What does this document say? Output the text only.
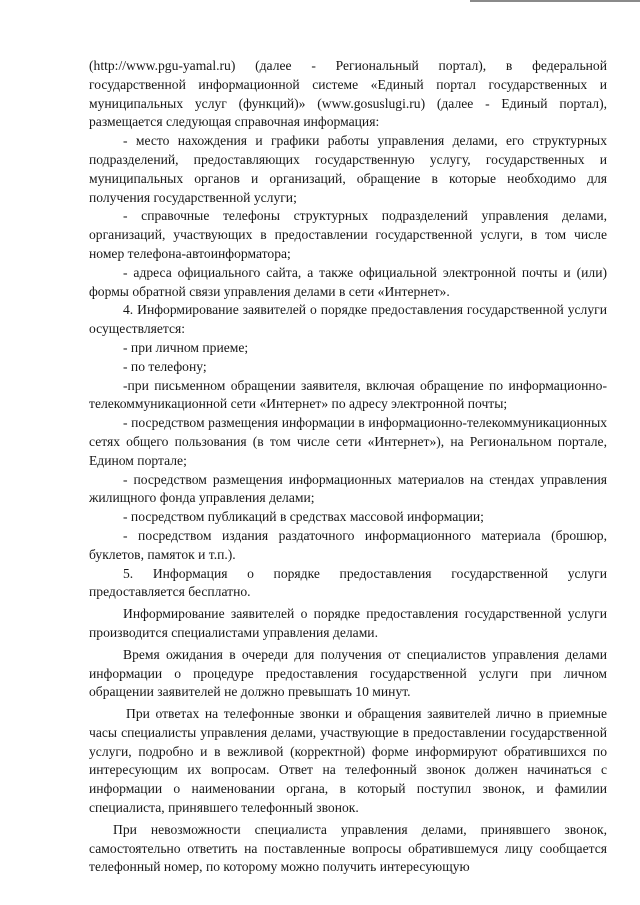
(http://www.pgu-yamal.ru) (далее - Региональный портал), в федеральной государственной информационной системе «Единый портал государственных и муниципальных услуг (функций)» (www.gosuslugi.ru) (далее - Единый портал), размещается следующая справочная информация:

- место нахождения и графики работы управления делами, его структурных подразделений, предоставляющих государственную услугу, государственных и муниципальных органов и организаций, обращение в которые необходимо для получения государственной услуги;

- справочные телефоны структурных подразделений управления делами, организаций, участвующих в предоставлении государственной услуги, в том числе номер телефона-автоинформатора;

- адреса официального сайта, а также официальной электронной почты и (или) формы обратной связи управления делами в сети «Интернет».

4. Информирование заявителей о порядке предоставления государственной услуги осуществляется:

- при личном приеме;

- по телефону;

-при письменном обращении заявителя, включая обращение по информационно-телекоммуникационной сети «Интернет» по адресу электронной почты;

- посредством размещения информации в информационно-телекоммуникационных сетях общего пользования (в том числе сети «Интернет»), на Региональном портале, Едином портале;

- посредством размещения информационных материалов на стендах управления жилищного фонда управления делами;

- посредством публикаций в средствах массовой информации;

- посредством издания раздаточного информационного материала (брошюр, буклетов, памяток и т.п.).

5. Информация о порядке предоставления государственной услуги предоставляется бесплатно.

Информирование заявителей о порядке предоставления государственной услуги производится специалистами управления делами.

Время ожидания в очереди для получения от специалистов управления делами информации о процедуре предоставления государственной услуги при личном обращении заявителей не должно превышать 10 минут.

При ответах на телефонные звонки и обращения заявителей лично в приемные часы специалисты управления делами, участвующие в предоставлении государственной услуги, подробно и в вежливой (корректной) форме информируют обратившихся по интересующим их вопросам. Ответ на телефонный звонок должен начинаться с информации о наименовании органа, в который поступил звонок, и фамилии специалиста, принявшего телефонный звонок.

При невозможности специалиста управления делами, принявшего звонок, самостоятельно ответить на поставленные вопросы обратившемуся лицу сообщается телефонный номер, по которому можно получить интересующую
